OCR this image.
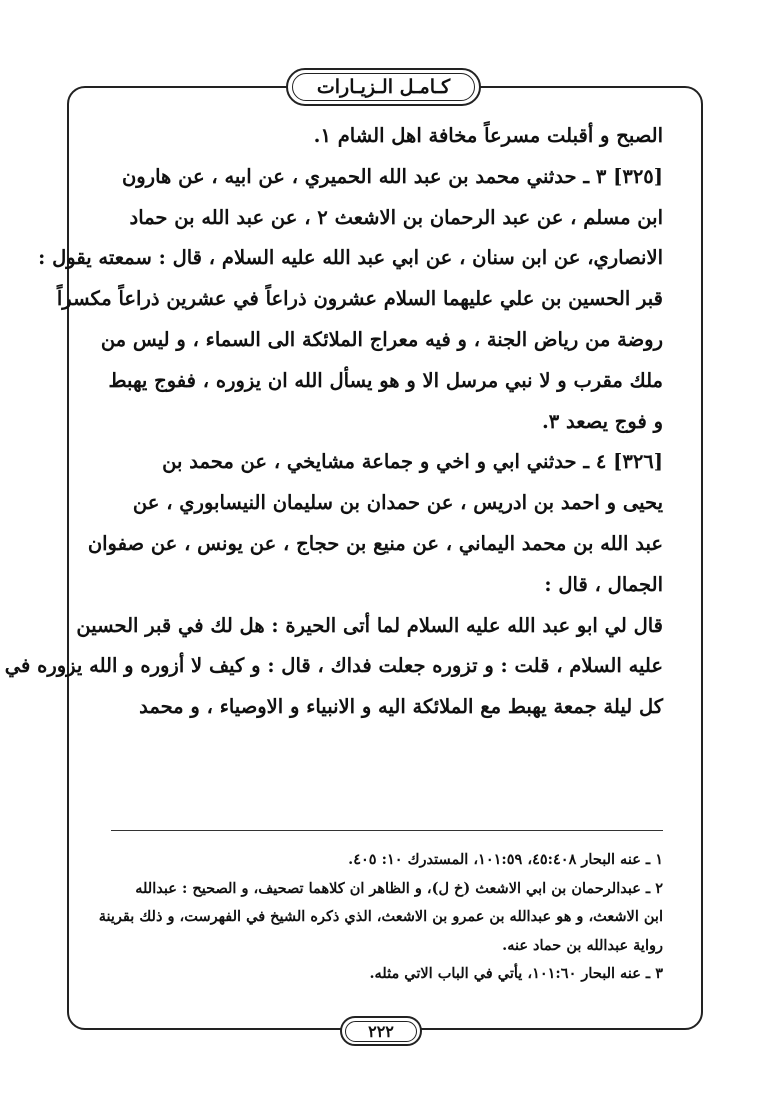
كـامـل الـزيـارات
الصبح و أقبلت مسرعاً مخافة اهل الشام ١.
[٣٢٥] ٣ ـ حدثني محمد بن عبد الله الحميري ، عن ابيه ، عن هارون
ابن مسلم ، عن عبد الرحمان بن الاشعث ٢ ، عن عبد الله بن حماد
الانصاري، عن ابن سنان ، عن ابي عبد الله عليه السلام ، قال : سمعته يقول :
قبر الحسين بن علي عليهما السلام عشرون ذراعاً في عشرين ذراعاً مكسراً
روضة من رياض الجنة ، و فيه معراج الملائكة الى السماء ، و ليس من
ملك مقرب و لا نبي مرسل الا و هو يسأل الله ان يزوره ، ففوج يهبط
و فوج يصعد ٣.
[٣٢٦] ٤ ـ حدثني ابي و اخي و جماعة مشايخي ، عن محمد بن
يحيى و احمد بن ادريس ، عن حمدان بن سليمان النيسابوري ، عن
عبد الله بن محمد اليماني ، عن منيع بن حجاج ، عن يونس ، عن صفوان
الجمال ، قال :
قال لي ابو عبد الله عليه السلام لما أتى الحيرة : هل لك في قبر الحسين
عليه السلام ، قلت : و تزوره جعلت فداك ، قال : و كيف لا أزوره و الله يزوره في
كل ليلة جمعة يهبط مع الملائكة اليه و الانبياء و الاوصياء ، و محمد
١ ـ عنه البحار ٤٥:٤٠٨، ١٠١:٥٩، المستدرك ١٠: ٤٠٥.
٢ ـ عبدالرحمان بن ابي الاشعث (خ ل)، و الظاهر ان كلاهما تصحيف، و الصحيح : عبدالله
ابن الاشعث، و هو عبدالله بن عمرو بن الاشعث، الذي ذكره الشيخ في الفهرست، و ذلك بقرينة
رواية عبدالله بن حماد عنه.
٣ ـ عنه البحار ١٠١:٦٠، يأتي في الباب الاتي مثله.
٢٢٢
